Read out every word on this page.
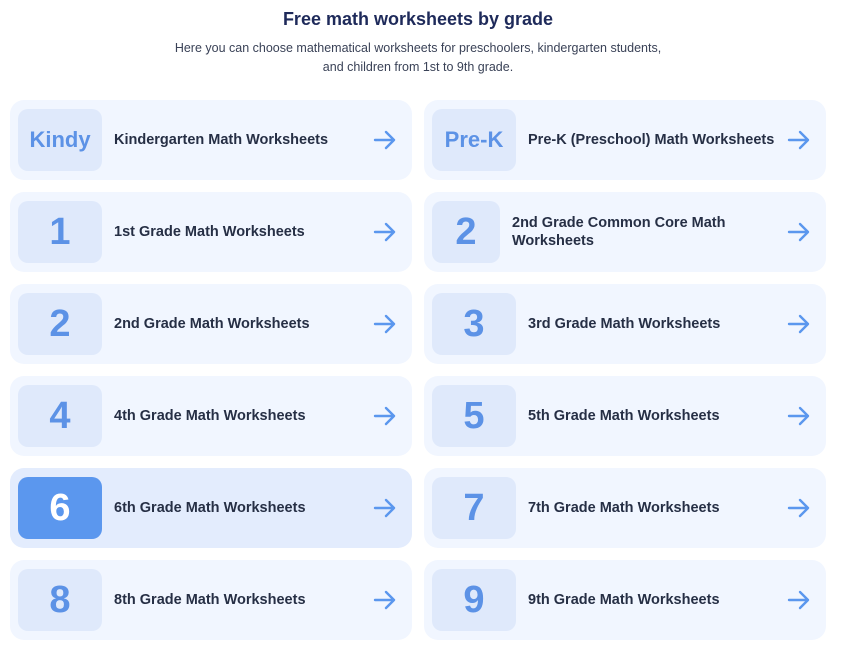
Free math worksheets by grade

Here you can choose mathematical worksheets for preschoolers, kindergarten students,
and children from 1st to 9th grade.

Kindy	Kindergarten Math Worksheets	Pre-K	Pre-K (Preschool) Math Worksheets
1	1st Grade Math Worksheets	2	2nd Grade Common Core Math Worksheets
2	2nd Grade Math Worksheets	3	3rd Grade Math Worksheets
4	4th Grade Math Worksheets	5	5th Grade Math Worksheets
6	6th Grade Math Worksheets	7	7th Grade Math Worksheets
8	8th Grade Math Worksheets	9	9th Grade Math Worksheets
